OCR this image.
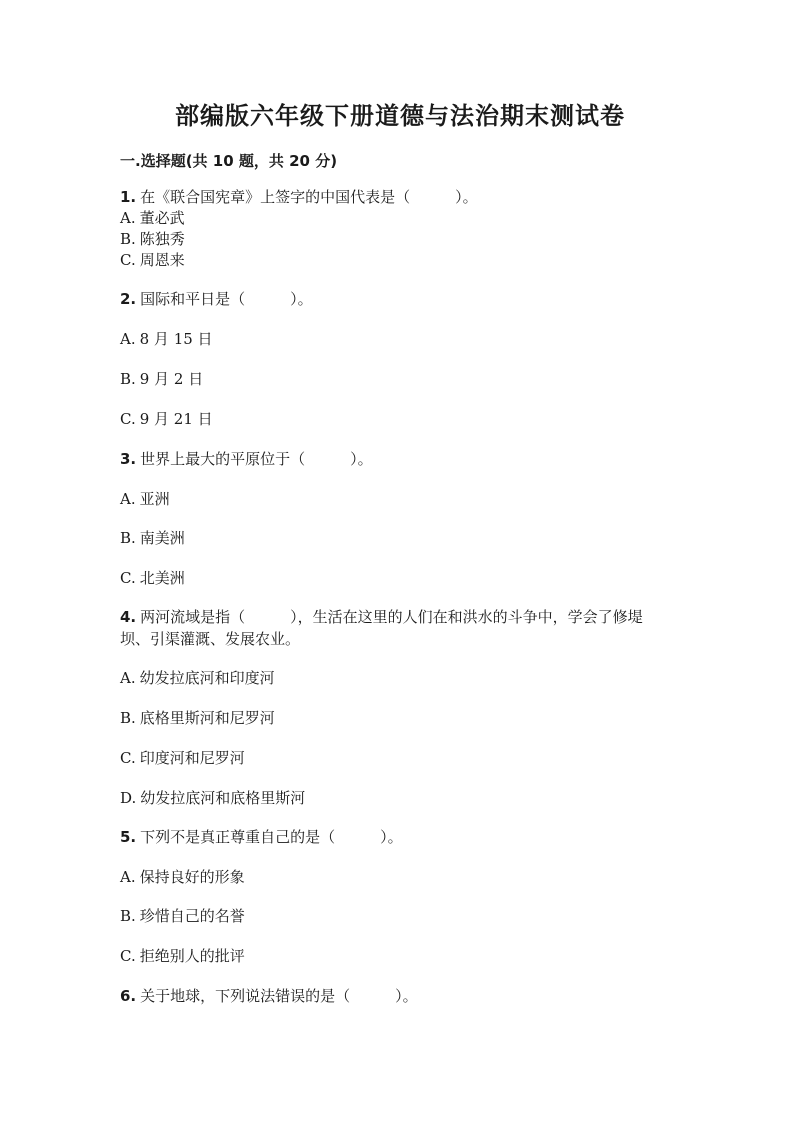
部编版六年级下册道德与法治期末测试卷
一.选择题(共 10 题，共 20 分)
1. 在《联合国宪章》上签字的中国代表是（　　　）。
A. 董必武
B. 陈独秀
C. 周恩来
2. 国际和平日是（　　　）。
A. 8 月 15 日
B. 9 月 2 日
C. 9 月 21 日
3. 世界上最大的平原位于（　　　）。
A. 亚洲
B. 南美洲
C. 北美洲
4. 两河流域是指（　　　），生活在这里的人们在和洪水的斗争中，学会了修堤
坝、引渠灌溉、发展农业。
A. 幼发拉底河和印度河
B. 底格里斯河和尼罗河
C. 印度河和尼罗河
D. 幼发拉底河和底格里斯河
5. 下列不是真正尊重自己的是（　　　）。
A. 保持良好的形象
B. 珍惜自己的名誉
C. 拒绝别人的批评
6. 关于地球，下列说法错误的是（　　　）。
